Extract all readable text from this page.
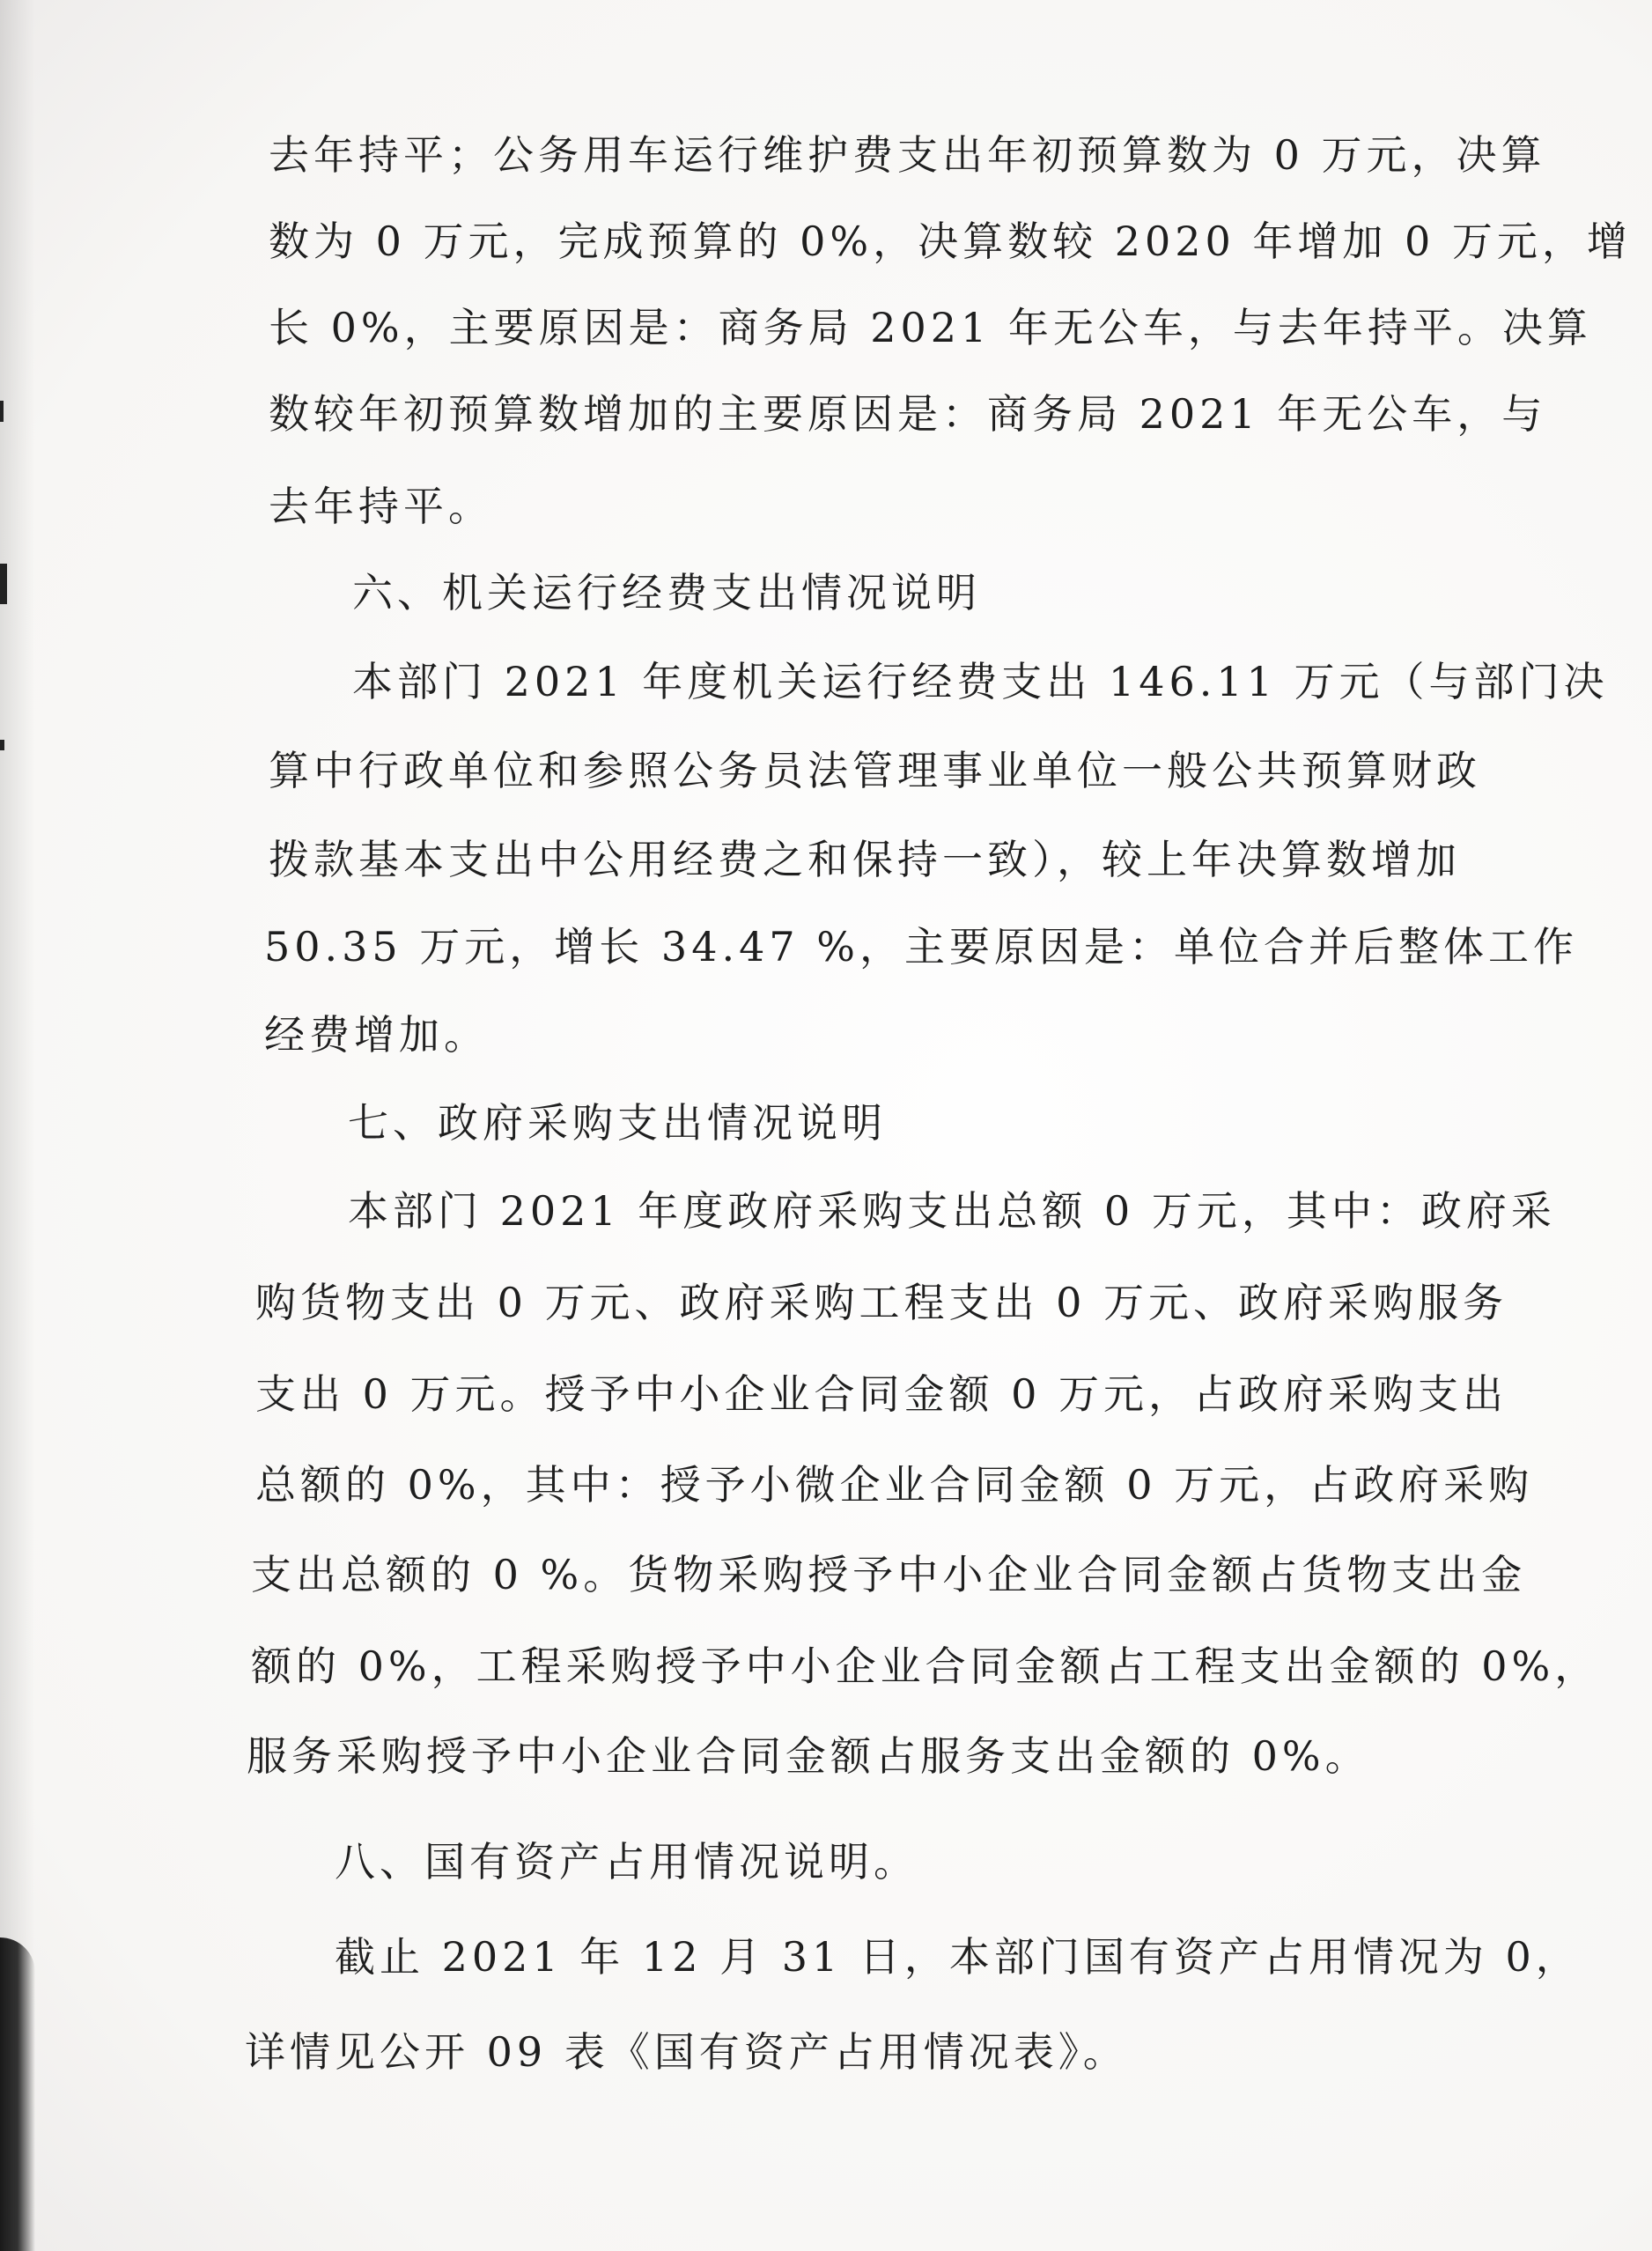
去年持平；公务用车运行维护费支出年初预算数为 0 万元，决算

数为 0 万元，完成预算的 0%，决算数较 2020 年增加 0 万元，增

长 0%，主要原因是：商务局 2021 年无公车，与去年持平。决算

数较年初预算数增加的主要原因是：商务局 2021 年无公车，与

去年持平。

六、机关运行经费支出情况说明

本部门 2021 年度机关运行经费支出 146.11 万元（与部门决

算中行政单位和参照公务员法管理事业单位一般公共预算财政

拨款基本支出中公用经费之和保持一致），较上年决算数增加

50.35 万元，增长 34.47 %，主要原因是：单位合并后整体工作

经费增加。

七、政府采购支出情况说明

本部门 2021 年度政府采购支出总额 0 万元，其中：政府采

购货物支出 0 万元、政府采购工程支出 0 万元、政府采购服务

支出 0 万元。授予中小企业合同金额 0 万元，占政府采购支出

总额的 0%，其中：授予小微企业合同金额 0 万元，占政府采购

支出总额的 0 %。货物采购授予中小企业合同金额占货物支出金

额的 0%，工程采购授予中小企业合同金额占工程支出金额的 0%，

服务采购授予中小企业合同金额占服务支出金额的 0%。

八、国有资产占用情况说明。

截止 2021 年 12 月 31 日，本部门国有资产占用情况为 0，

详情见公开 09 表《国有资产占用情况表》。
